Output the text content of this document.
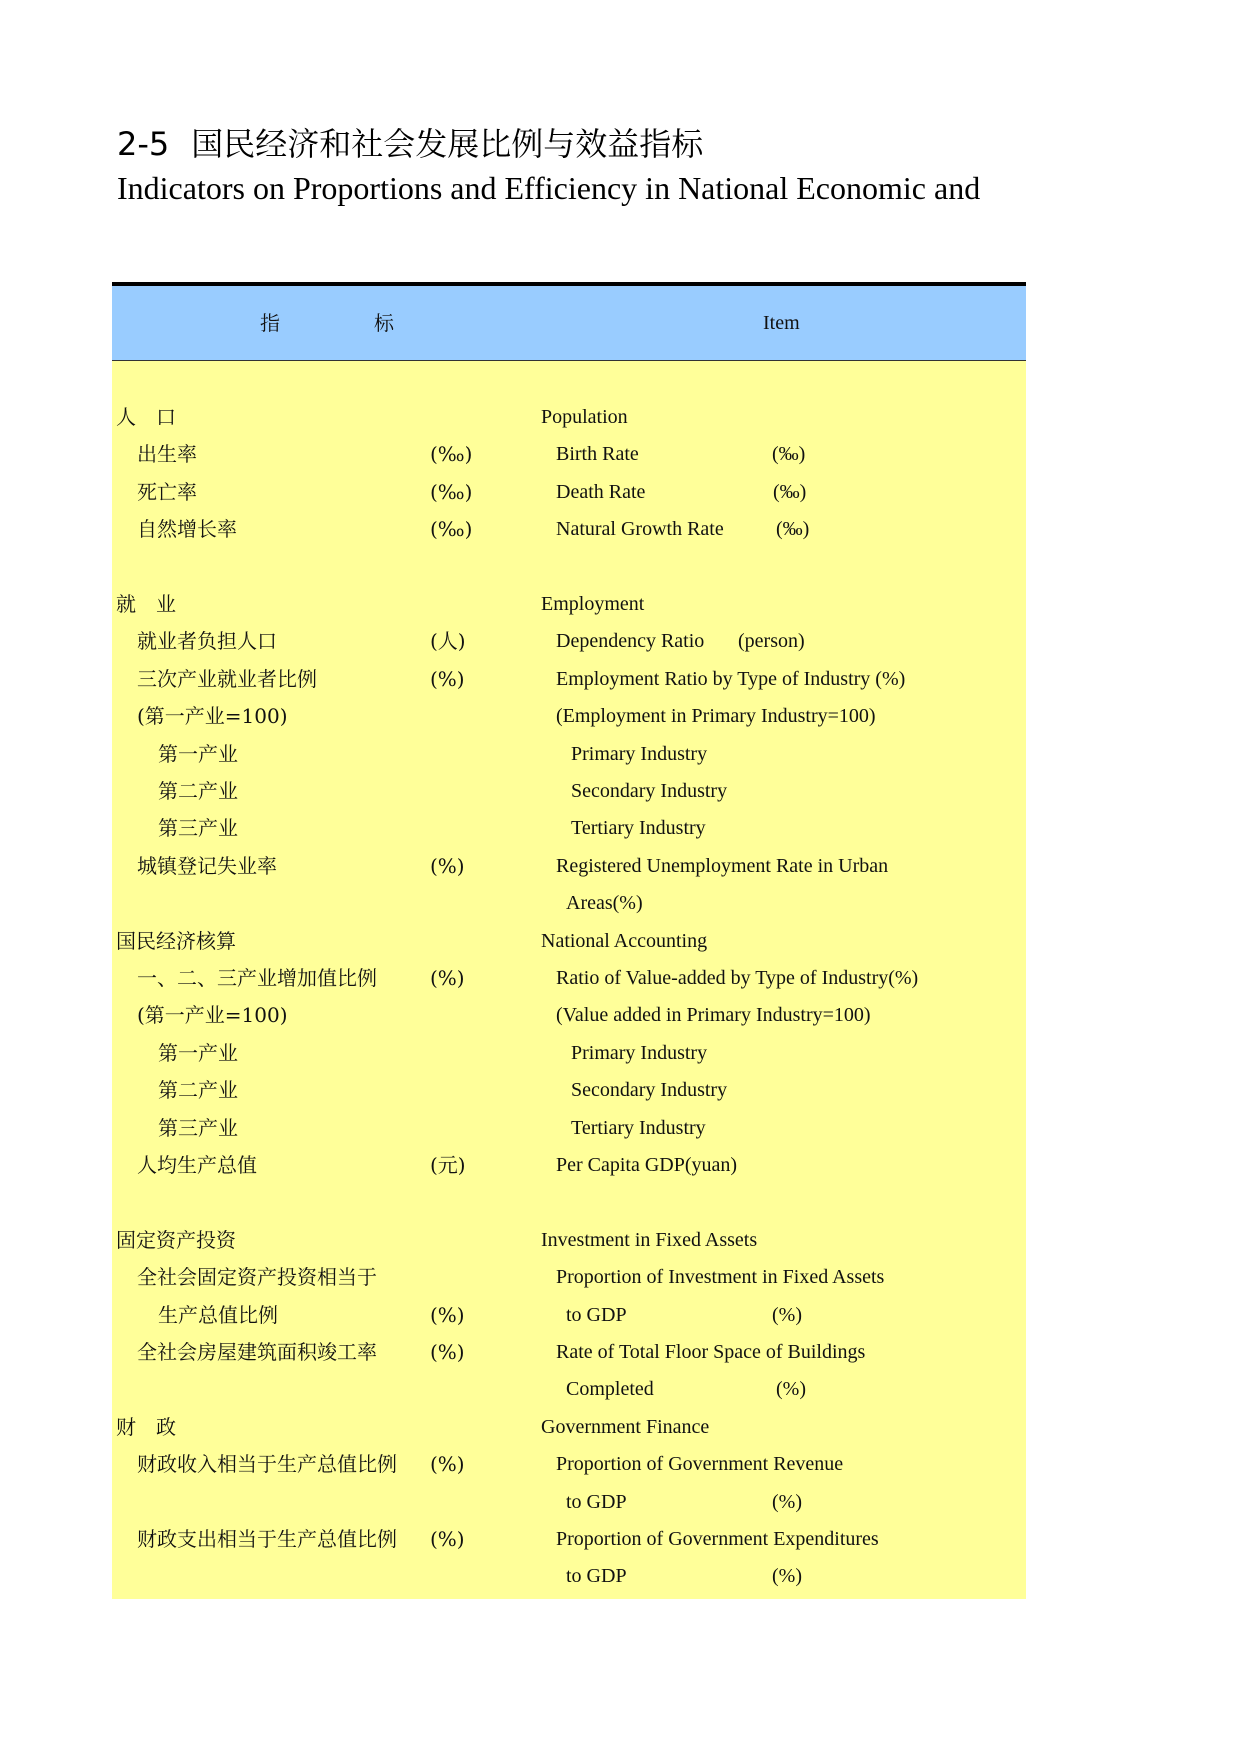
2-5 国民经济和社会发展比例与效益指标
Indicators on Proportions and Efficiency in National Economic and
指	标	Item
人　口	Population
出生率	(‰)	Birth Rate	(‰)
死亡率	(‰)	Death Rate	(‰)
自然增长率	(‰)	Natural Growth Rate	(‰)
就　业	Employment
就业者负担人口	(人)	Dependency Ratio (person)
三次产业就业者比例	(%)	Employment Ratio by Type of Industry (%)
(第一产业=100)	(Employment in Primary Industry=100)
第一产业	Primary Industry
第二产业	Secondary Industry
第三产业	Tertiary Industry
城镇登记失业率	(%)	Registered Unemployment Rate in Urban
Areas(%)
国民经济核算	National Accounting
一、二、三产业增加值比例	(%)	Ratio of Value-added by Type of Industry(%)
(第一产业=100)	(Value added in Primary Industry=100)
第一产业	Primary Industry
第二产业	Secondary Industry
第三产业	Tertiary Industry
人均生产总值	(元)	Per Capita GDP(yuan)
固定资产投资	Investment in Fixed Assets
全社会固定资产投资相当于	Proportion of Investment in Fixed Assets
生产总值比例	(%)	to GDP	(%)
全社会房屋建筑面积竣工率	(%)	Rate of Total Floor Space of Buildings
Completed	(%)
财　政	Government Finance
财政收入相当于生产总值比例 (%)	Proportion of Government Revenue
to GDP	(%)
财政支出相当于生产总值比例 (%)	Proportion of Government Expenditures
to GDP	(%)
